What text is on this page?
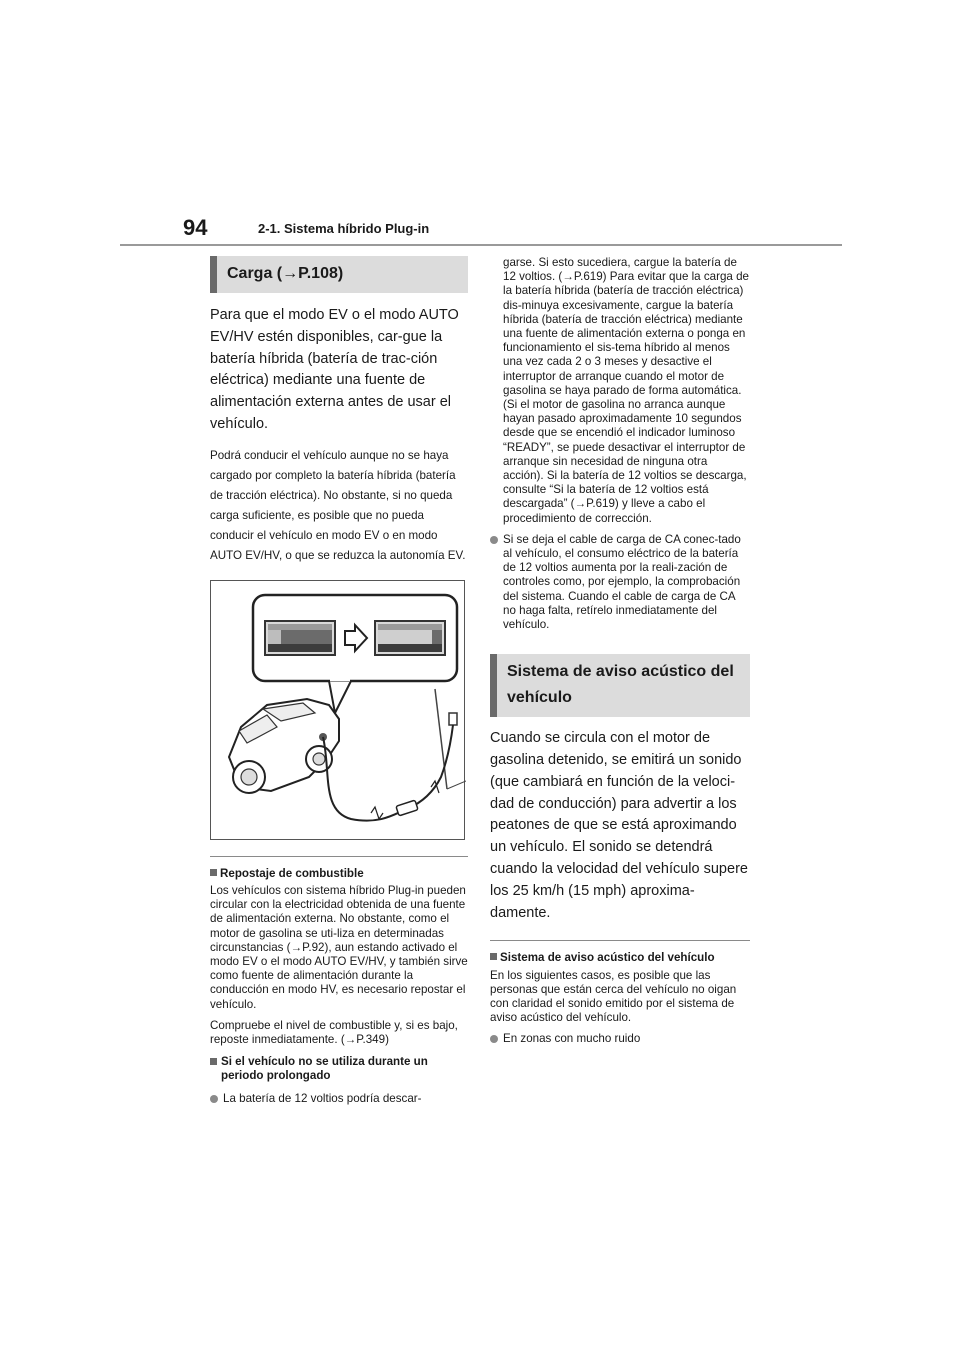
94	2-1. Sistema híbrido Plug-in
Carga (→P.108)

Para que el modo EV o el modo AUTO EV/HV estén disponibles, car-gue la batería híbrida (batería de trac-ción eléctrica) mediante una fuente de alimentación externa antes de usar el vehículo.

Podrá conducir el vehículo aunque no se haya cargado por completo la batería híbrida (batería de tracción eléctrica). No obstante, si no queda carga suficiente, es posible que no pueda conducir el vehículo en modo EV o en modo AUTO EV/HV, o que se reduzca la autonomía EV.

Repostaje de combustible

Los vehículos con sistema híbrido Plug-in pueden circular con la electricidad obtenida de una fuente de alimentación externa. No obstante, como el motor de gasolina se uti-liza en determinadas circunstancias (→P.92), aun estando activado el modo EV o el modo AUTO EV/HV, y también sirve como fuente de alimentación durante la conducción en modo HV, es necesario repostar el vehículo.

Compruebe el nivel de combustible y, si es bajo, reposte inmediatamente. (→P.349)

Si el vehículo no se utiliza durante un periodo prolongado
La batería de 12 voltios podría descar-

garse. Si esto sucediera, cargue la batería de 12 voltios. (→P.619) Para evitar que la carga de la batería híbrida (batería de tracción eléctrica) dis-minuya excesivamente, cargue la batería híbrida (batería de tracción eléctrica) mediante una fuente de alimentación externa o ponga en funcionamiento el sis-tema híbrido al menos una vez cada 2 o 3 meses y desactive el interruptor de arranque cuando el motor de gasolina se haya parado de forma automática. (Si el motor de gasolina no arranca aunque hayan pasado aproximadamente 10 segundos desde que se encendió el indicador luminoso “READY”, se puede desactivar el interruptor de arranque sin necesidad de ninguna otra acción). Si la batería de 12 voltios se descarga, consulte “Si la batería de 12 voltios está descargada” (→P.619) y lleve a cabo el procedimiento de corrección.

Si se deja el cable de carga de CA conec-tado al vehículo, el consumo eléctrico de la batería de 12 voltios aumenta por la reali-zación de controles como, por ejemplo, la comprobación del sistema. Cuando el cable de carga de CA no haga falta, retírelo inmediatamente del vehículo.
Sistema de aviso acústico del vehículo

Cuando se circula con el motor de gasolina detenido, se emitirá un sonido (que cambiará en función de la veloci-dad de conducción) para advertir a los peatones de que se está aproximando un vehículo. El sonido se detendrá cuando la velocidad del vehículo supere los 25 km/h (15 mph) aproxima-damente.

Sistema de aviso acústico del vehículo

En los siguientes casos, es posible que las personas que están cerca del vehículo no oigan con claridad el sonido emitido por el sistema de aviso acústico del vehículo.

En zonas con mucho ruido
